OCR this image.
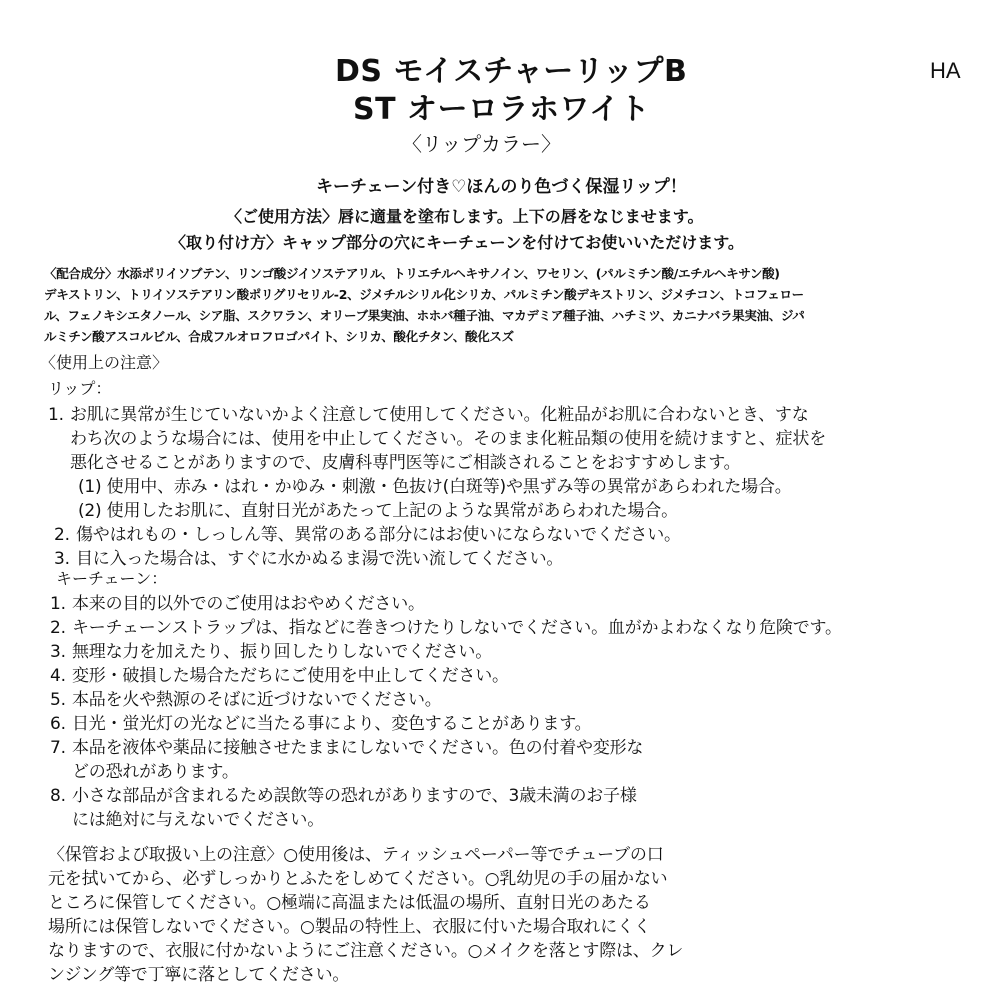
DS モイスチャーリップB
ST オーロラホワイト
HA
〈リップカラー〉
キーチェーン付き♡ほんのり色づく保湿リップ！
〈ご使用方法〉唇に適量を塗布します。上下の唇をなじませます。
〈取り付け方〉キャップ部分の穴にキーチェーンを付けてお使いいただけます。
〈配合成分〉水添ポリイソブテン、リンゴ酸ジイソステアリル、トリエチルヘキサノイン、ワセリン、(パルミチン酸/エチルヘキサン酸)
デキストリン、トリイソステアリン酸ポリグリセリル-2、ジメチルシリル化シリカ、パルミチン酸デキストリン、ジメチコン、トコフェロー
ル、フェノキシエタノール、シア脂、スクワラン、オリーブ果実油、ホホバ種子油、マカデミア種子油、ハチミツ、カニナバラ果実油、ジパ
ルミチン酸アスコルビル、合成フルオロフロゴパイト、シリカ、酸化チタン、酸化スズ
〈使用上の注意〉
リップ：
1. お肌に異常が生じていないかよく注意して使用してください。化粧品がお肌に合わないとき、すな
わち次のような場合には、使用を中止してください。そのまま化粧品類の使用を続けますと、症状を
悪化させることがありますので、皮膚科専門医等にご相談されることをおすすめします。
(1) 使用中、赤み・はれ・かゆみ・刺激・色抜け(白斑等)や黒ずみ等の異常があらわれた場合。
(2) 使用したお肌に、直射日光があたって上記のような異常があらわれた場合。
2. 傷やはれもの・しっしん等、異常のある部分にはお使いにならないでください。
3. 目に入った場合は、すぐに水かぬるま湯で洗い流してください。
キーチェーン：
1. 本来の目的以外でのご使用はおやめください。
2. キーチェーンストラップは、指などに巻きつけたりしないでください。血がかよわなくなり危険です。
3. 無理な力を加えたり、振り回したりしないでください。
4. 変形・破損した場合ただちにご使用を中止してください。
5. 本品を火や熱源のそばに近づけないでください。
6. 日光・蛍光灯の光などに当たる事により、変色することがあります。
7. 本品を液体や薬品に接触させたままにしないでください。色の付着や変形な
どの恐れがあります。
8. 小さな部品が含まれるため誤飲等の恐れがありますので、3歳未満のお子様
には絶対に与えないでください。
〈保管および取扱い上の注意〉○使用後は、ティッシュペーパー等でチューブの口
元を拭いてから、必ずしっかりとふたをしめてください。○乳幼児の手の届かない
ところに保管してください。○極端に高温または低温の場所、直射日光のあたる
場所には保管しないでください。○製品の特性上、衣服に付いた場合取れにくく
なりますので、衣服に付かないようにご注意ください。○メイクを落とす際は、クレ
ンジング等で丁寧に落としてください。
